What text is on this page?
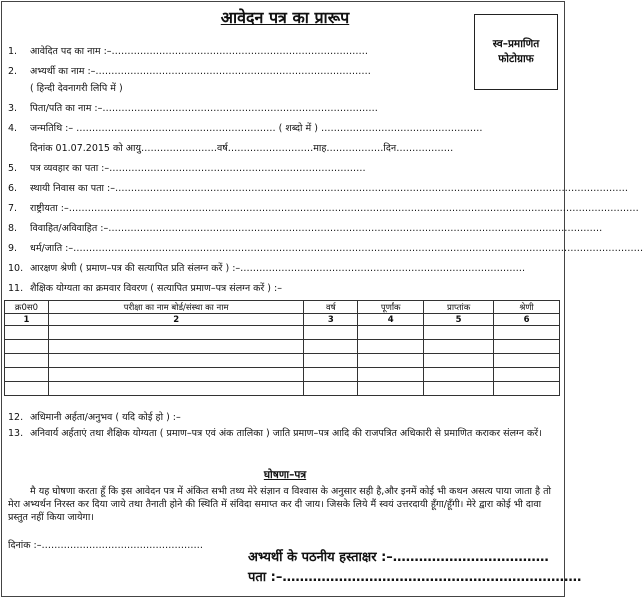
आवेदन पत्र का प्रारूप
स्व–प्रमाणित
फोटोग्राफ
1. आवेदित पद का नाम :–………………………………………………………………………
2. अभ्यर्थी का नाम :–……………………………………………………………………………
( हिन्दी देवनागरी लिपि में )
3. पिता/पति का नाम :–……………………………………………………………………………
4. जन्मतिथि :– ……………………………………………………… ( शब्दो में ) ……………………………………………
दिनांक 01.07.2015 को आयु……………………वर्ष………………………माह………………दिन………………
5. पत्र व्यवहार का पता :–………………………………………………………………………
6. स्थायी निवास का पता :–………………………………………………………………………………………………………………………………………………
7. राष्ट्रीयता :–………………………………………………………………………………………………………………………………………………………………
8. विवाहित/अविवाहित :–…………………………………………………………………………………………………………………………………………
9. धर्म/जाति :–………………………………………………………………………………………………………………………………………………………………
10. आरक्षण श्रेणी ( प्रमाण–पत्र की सत्यापित प्रति संलग्न करें ) :–………………………………………………………………………………
11. शैक्षिक योग्यता का क्रमवार विवरण ( सत्यापित प्रमाण–पत्र संलग्न करें ) :–
क्र0स0	परीक्षा का नाम बोर्ड/संस्था का नाम	वर्ष	पूर्णांक	प्राप्तांक	श्रेणी
1	2	3	4	5	6

12. अधिमानी अर्हता/अनुभव ( यदि कोई हो ) :–
13. अनिवार्य अर्हताएं तथा शैक्षिक योग्यता ( प्रमाण–पत्र एवं अंक तालिका ) जाति प्रमाण–पत्र आदि की राजपत्रित अधिकारी से प्रमाणित कराकर संलग्न करें।
घोषणा–पत्र
मै यह घोषणा करता हूँ कि इस आवेदन पत्र में अंकित सभी तथ्य मेरे संज्ञान व विश्वास के अनुसार सही है,और इनमें कोई भी कथन असत्य पाया जाता है तो मेरा अभ्यर्थन निरस्त कर दिया जाये तथा तैनाती होने की स्थिति में संविदा समाप्त कर दी जाय। जिसके लिये मैं स्वयं उत्तरदायी हूँगा/हूँगी। मेरे द्वारा कोई भी दावा प्रस्तुत नहीं किया जायेगा।
दिनांक :–……………………………………………
अभ्यर्थी के पठनीय हस्ताक्षर :–………………………………
पता :–……………………………………………………………
